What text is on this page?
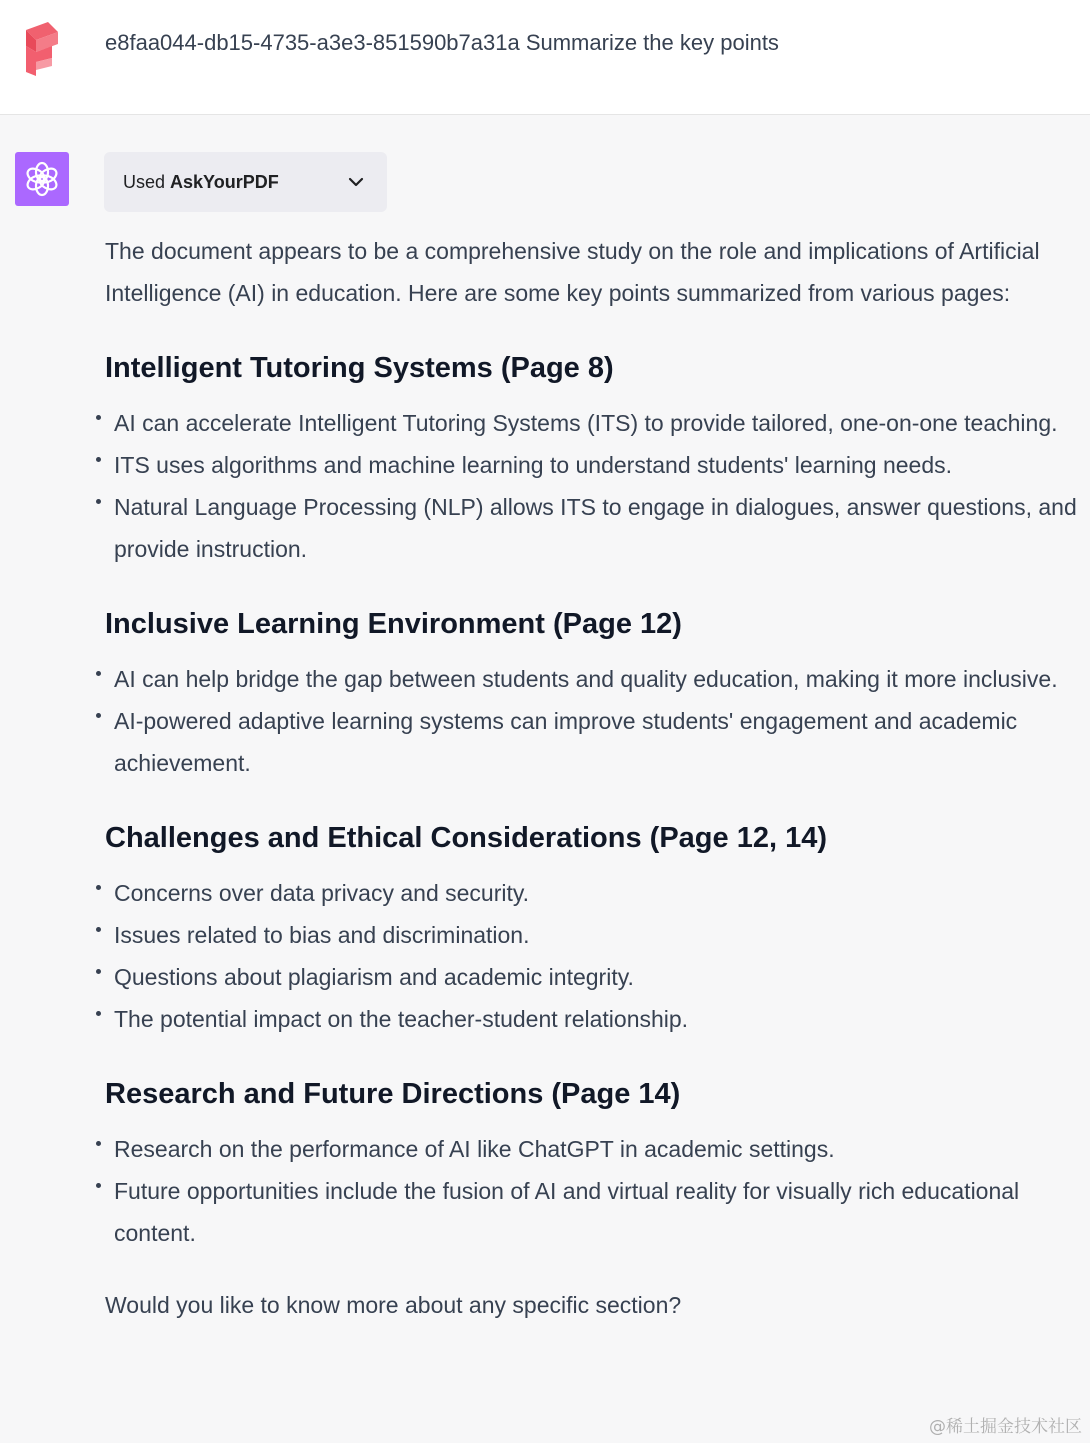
e8faa044-db15-4735-a3e3-851590b7a31a Summarize the key points
Used AskYourPDF

The document appears to be a comprehensive study on the role and implications of Artificial Intelligence (AI) in education. Here are some key points summarized from various pages:

Intelligent Tutoring Systems (Page 8)
AI can accelerate Intelligent Tutoring Systems (ITS) to provide tailored, one-on-one teaching.
ITS uses algorithms and machine learning to understand students' learning needs.
Natural Language Processing (NLP) allows ITS to engage in dialogues, answer questions, and provide instruction.
Inclusive Learning Environment (Page 12)
AI can help bridge the gap between students and quality education, making it more inclusive.
AI-powered adaptive learning systems can improve students' engagement and academic achievement.
Challenges and Ethical Considerations (Page 12, 14)
Concerns over data privacy and security.
Issues related to bias and discrimination.
Questions about plagiarism and academic integrity.
The potential impact on the teacher-student relationship.
Research and Future Directions (Page 14)
Research on the performance of AI like ChatGPT in academic settings.
Future opportunities include the fusion of AI and virtual reality for visually rich educational content.

Would you like to know more about any specific section?

@稀土掘金技术社区
